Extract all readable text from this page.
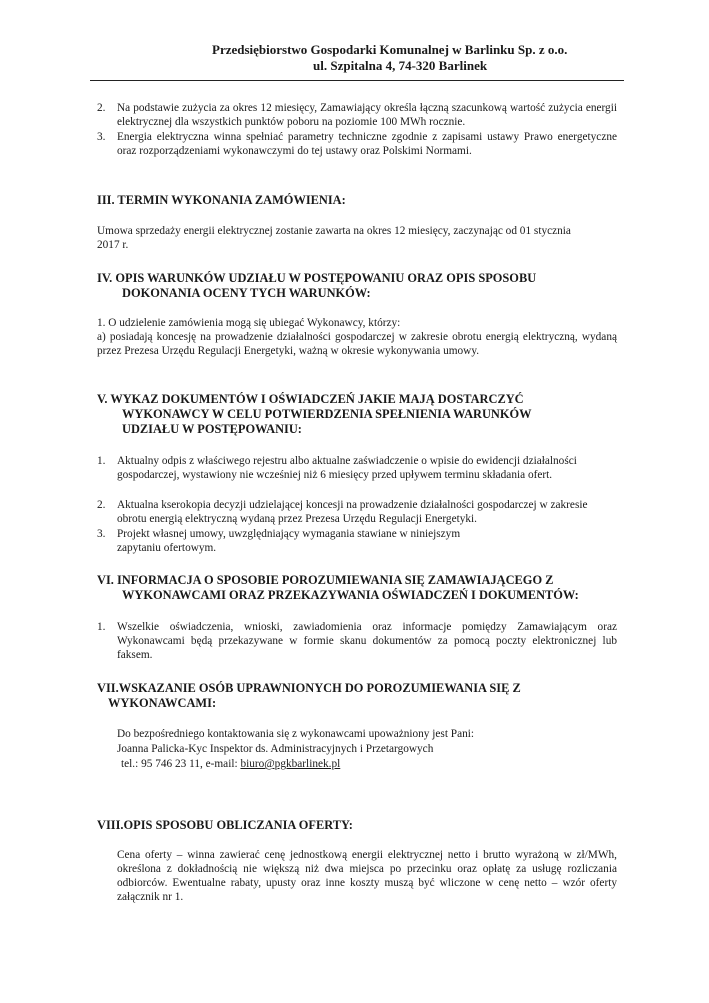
Przedsiębiorstwo Gospodarki Komunalnej w Barlinku Sp. z o.o.
ul. Szpitalna 4, 74-320 Barlinek
2. Na podstawie zużycia za okres 12 miesięcy, Zamawiający określa łączną szacunkową wartość zużycia energii elektrycznej dla wszystkich punktów poboru na poziomie 100 MWh rocznie.
3. Energia elektryczna winna spełniać parametry techniczne zgodnie z zapisami ustawy Prawo energetyczne oraz rozporządzeniami wykonawczymi do tej ustawy oraz Polskimi Normami.
III. TERMIN WYKONANIA ZAMÓWIENIA:
Umowa sprzedaży energii elektrycznej zostanie zawarta na okres 12 miesięcy, zaczynając od 01 stycznia 2017 r.
IV. OPIS WARUNKÓW UDZIAŁU W POSTĘPOWANIU ORAZ OPIS SPOSOBU
DOKONANIA OCENY TYCH WARUNKÓW:
1. O udzielenie zamówienia mogą się ubiegać Wykonawcy, którzy:
a) posiadają koncesję na prowadzenie działalności gospodarczej w zakresie obrotu energią elektryczną, wydaną przez Prezesa Urzędu Regulacji Energetyki, ważną w okresie wykonywania umowy.
V. WYKAZ DOKUMENTÓW I OŚWIADCZEŃ JAKIE MAJĄ DOSTARCZYĆ
WYKONAWCY W CELU POTWIERDZENIA SPEŁNIENIA WARUNKÓW
UDZIAŁU W POSTĘPOWANIU:
1. Aktualny odpis z właściwego rejestru albo aktualne zaświadczenie o wpisie do ewidencji działalności gospodarczej, wystawiony nie wcześniej niż 6 miesięcy przed upływem terminu składania ofert.
2. Aktualna kserokopia decyzji udzielającej koncesji na prowadzenie działalności gospodarczej w zakresie obrotu energią elektryczną wydaną przez Prezesa Urzędu Regulacji Energetyki.
3. Projekt własnej umowy, uwzględniający wymagania stawiane w niniejszym zapytaniu ofertowym.
VI. INFORMACJA O SPOSOBIE POROZUMIEWANIA SIĘ ZAMAWIAJĄCEGO Z
WYKONAWCAMI ORAZ PRZEKAZYWANIA OŚWIADCZEŃ I DOKUMENTÓW:
1. Wszelkie oświadczenia, wnioski, zawiadomienia oraz informacje pomiędzy Zamawiającym oraz Wykonawcami będą przekazywane w formie skanu dokumentów za pomocą poczty elektronicznej lub faksem.
VII.WSKAZANIE OSÓB UPRAWNIONYCH DO POROZUMIEWANIA SIĘ Z
WYKONAWCAMI:
Do bezpośredniego kontaktowania się z wykonawcami upoważniony jest Pani:
Joanna Palicka-Kyc Inspektor ds. Administracyjnych i Przetargowych
tel.: 95 746 23 11, e-mail: biuro@pgkbarlinek.pl
VIII.OPIS SPOSOBU OBLICZANIA OFERTY:
Cena oferty – winna zawierać cenę jednostkową energii elektrycznej netto i brutto wyrażoną w zł/MWh, określona z dokładnością nie większą niż dwa miejsca po przecinku oraz opłatę za usługę rozliczania odbiorców. Ewentualne rabaty, upusty oraz inne koszty muszą być wliczone w cenę netto – wzór oferty załącznik nr 1.
